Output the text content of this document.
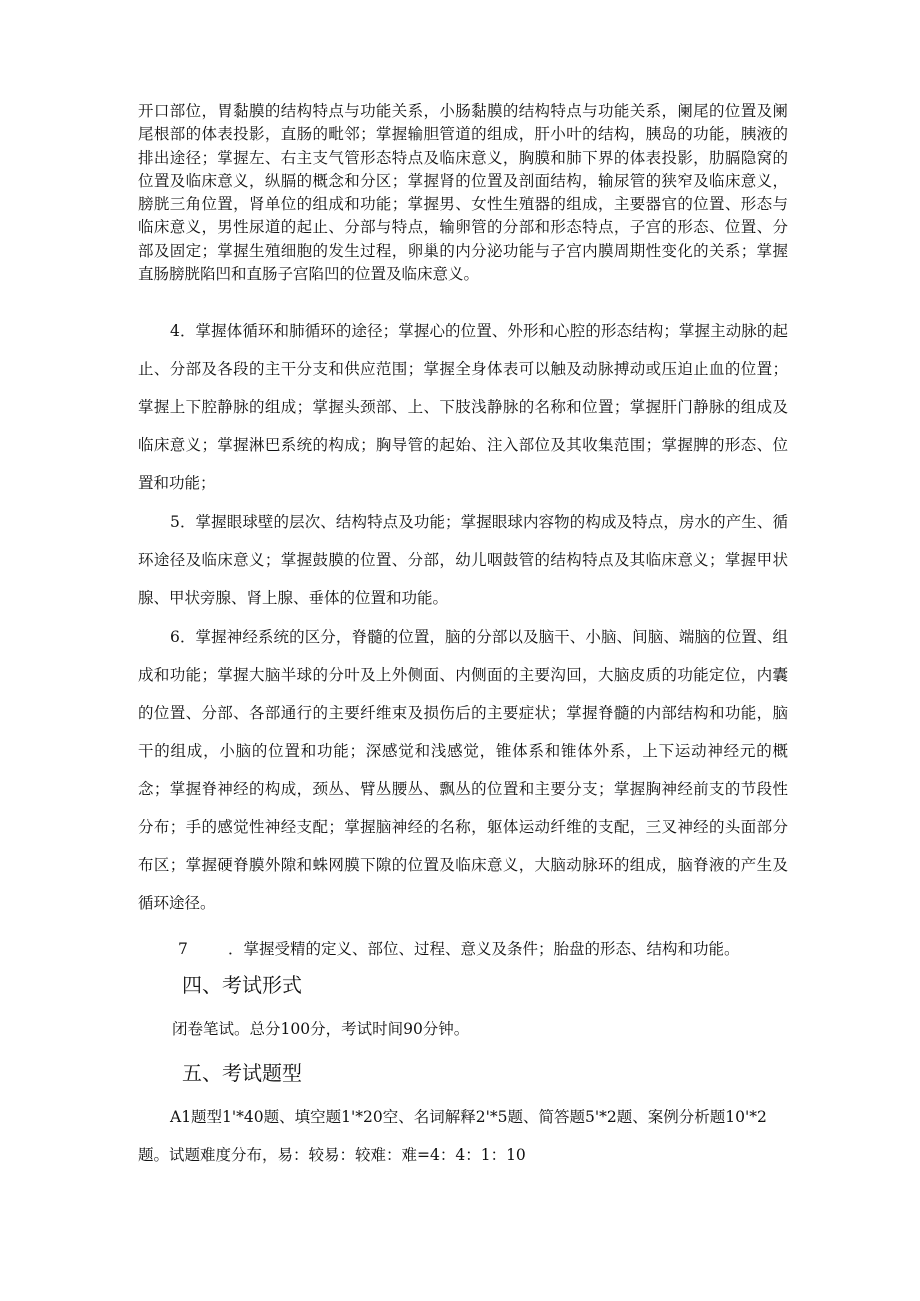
开口部位，胃黏膜的结构特点与功能关系，小肠黏膜的结构特点与功能关系，阑尾的位置及阑尾根部的体表投影，直肠的毗邻；掌握输胆管道的组成，肝小叶的结构，胰岛的功能，胰液的排出途径；掌握左、右主支气管形态特点及临床意义，胸膜和肺下界的体表投影，肋膈隐窝的位置及临床意义，纵膈的概念和分区；掌握肾的位置及剖面结构，输尿管的狭窄及临床意义，膀胱三角位置，肾单位的组成和功能；掌握男、女性生殖器的组成，主要器官的位置、形态与临床意义，男性尿道的起止、分部与特点，输卵管的分部和形态特点，子宫的形态、位置、分部及固定；掌握生殖细胞的发生过程，卵巢的内分泌功能与子宫内膜周期性变化的关系；掌握直肠膀胱陷凹和直肠子宫陷凹的位置及临床意义。

4．掌握体循环和肺循环的途径；掌握心的位置、外形和心腔的形态结构；掌握主动脉的起止、分部及各段的主干分支和供应范围；掌握全身体表可以触及动脉搏动或压迫止血的位置；掌握上下腔静脉的组成；掌握头颈部、上、下肢浅静脉的名称和位置；掌握肝门静脉的组成及临床意义；掌握淋巴系统的构成；胸导管的起始、注入部位及其收集范围；掌握脾的形态、位置和功能；

5．掌握眼球壁的层次、结构特点及功能；掌握眼球内容物的构成及特点，房水的产生、循环途径及临床意义；掌握鼓膜的位置、分部，幼儿咽鼓管的结构特点及其临床意义；掌握甲状腺、甲状旁腺、肾上腺、垂体的位置和功能。

6．掌握神经系统的区分，脊髓的位置，脑的分部以及脑干、小脑、间脑、端脑的位置、组成和功能；掌握大脑半球的分叶及上外侧面、内侧面的主要沟回，大脑皮质的功能定位，内囊的位置、分部、各部通行的主要纤维束及损伤后的主要症状；掌握脊髓的内部结构和功能，脑干的组成，小脑的位置和功能；深感觉和浅感觉，锥体系和锥体外系，上下运动神经元的概念；掌握脊神经的构成，颈丛、臂丛腰丛、飘丛的位置和主要分支；掌握胸神经前支的节段性分布；手的感觉性神经支配；掌握脑神经的名称，躯体运动纤维的支配，三叉神经的头面部分布区；掌握硬脊膜外隙和蛛网膜下隙的位置及临床意义，大脑动脉环的组成，脑脊液的产生及循环途径。

7	．掌握受精的定义、部位、过程、意义及条件；胎盘的形态、结构和功能。

四、考试形式

闭卷笔试。总分100分，考试时间90分钟。

五、考试题型

A1题型1'*40题、填空题1'*20空、名词解释2'*5题、简答题5'*2题、案例分析题10'*2题。试题难度分布，易：较易：较难：难=4：4：1：10
